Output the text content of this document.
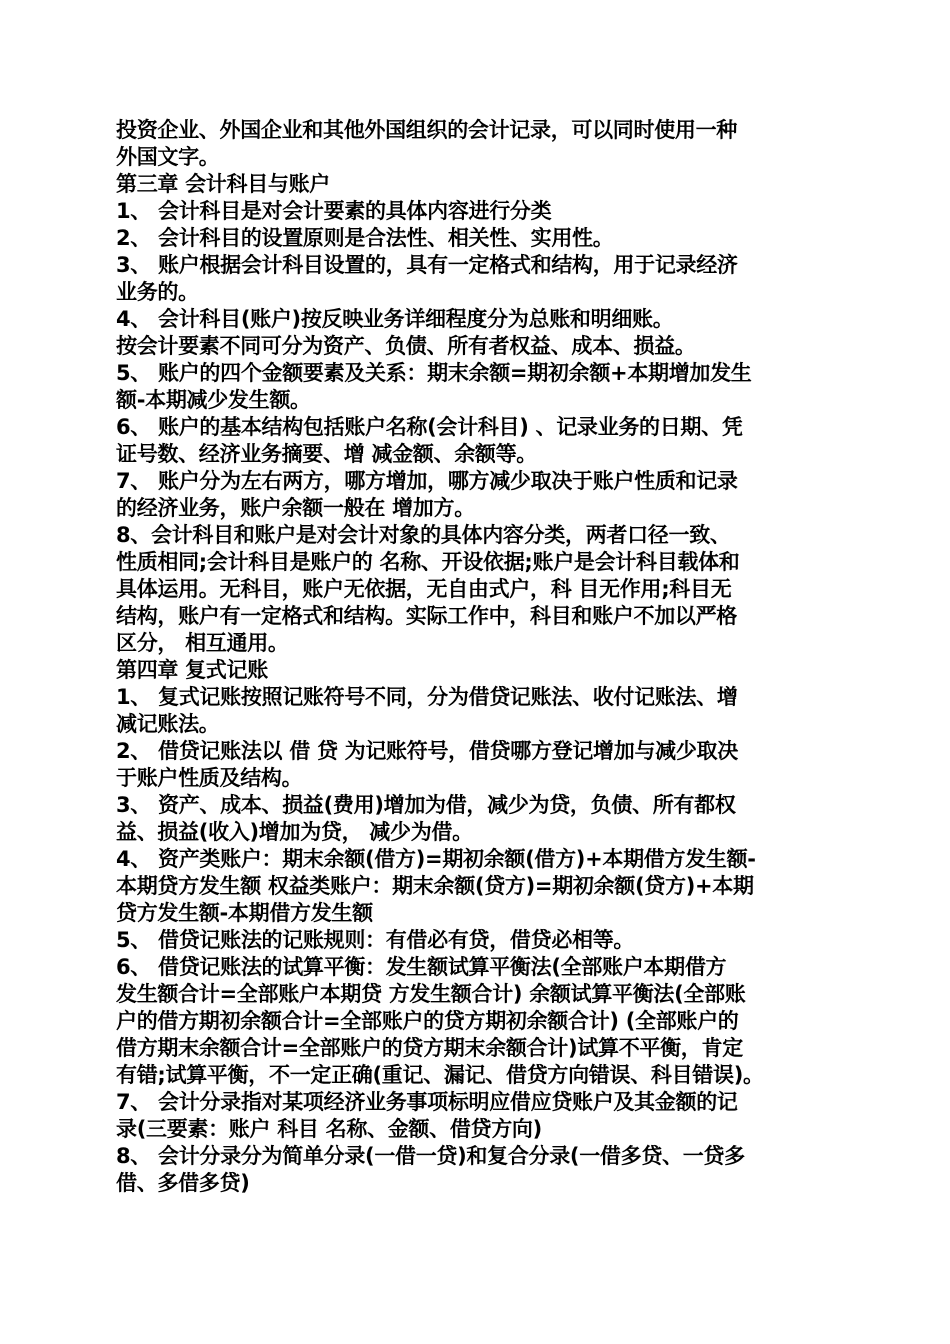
投资企业、外国企业和其他外国组织的会计记录，可以同时使用一种
外国文字。
第三章 会计科目与账户
1、 会计科目是对会计要素的具体内容进行分类
2、 会计科目的设置原则是合法性、相关性、实用性。
3、 账户根据会计科目设置的，具有一定格式和结构，用于记录经济
业务的。
4、 会计科目(账户)按反映业务详细程度分为总账和明细账。
按会计要素不同可分为资产、负债、所有者权益、成本、损益。
5、 账户的四个金额要素及关系：期末余额=期初余额+本期增加发生
额-本期减少发生额。
6、 账户的基本结构包括账户名称(会计科目) 、记录业务的日期、凭
证号数、经济业务摘要、增 减金额、余额等。
7、 账户分为左右两方，哪方增加，哪方减少取决于账户性质和记录
的经济业务，账户余额一般在 增加方。
8、会计科目和账户是对会计对象的具体内容分类，两者口径一致、
性质相同;会计科目是账户的 名称、开设依据;账户是会计科目载体和
具体运用。无科目，账户无依据，无自由式户，科 目无作用;科目无
结构，账户有一定格式和结构。实际工作中，科目和账户不加以严格
区分， 相互通用。
第四章 复式记账
1、 复式记账按照记账符号不同，分为借贷记账法、收付记账法、增
减记账法。
2、 借贷记账法以 借 贷 为记账符号，借贷哪方登记增加与减少取决
于账户性质及结构。
3、 资产、成本、损益(费用)增加为借，减少为贷，负债、所有都权
益、损益(收入)增加为贷， 减少为借。
4、 资产类账户：期末余额(借方)=期初余额(借方)+本期借方发生额-
本期贷方发生额 权益类账户：期末余额(贷方)=期初余额(贷方)+本期
贷方发生额-本期借方发生额
5、 借贷记账法的记账规则：有借必有贷，借贷必相等。
6、 借贷记账法的试算平衡：发生额试算平衡法(全部账户本期借方
发生额合计=全部账户本期贷 方发生额合计) 余额试算平衡法(全部账
户的借方期初余额合计=全部账户的贷方期初余额合计) (全部账户的
借方期末余额合计=全部账户的贷方期末余额合计)试算不平衡，肯定
有错;试算平衡，不一定正确(重记、漏记、借贷方向错误、科目错误)。
7、 会计分录指对某项经济业务事项标明应借应贷账户及其金额的记
录(三要素：账户 科目 名称、金额、借贷方向)
8、 会计分录分为简单分录(一借一贷)和复合分录(一借多贷、一贷多
借、多借多贷)
